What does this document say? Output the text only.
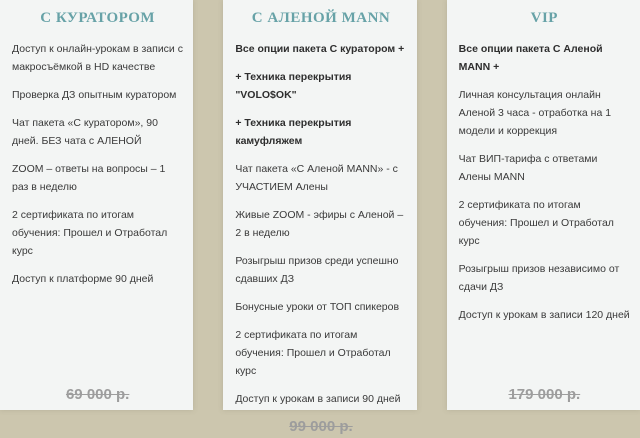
С КУРАТОРОМ

Доступ к онлайн-урокам в записи с макросъёмкой в HD качестве

Проверка ДЗ опытным куратором

Чат пакета «С куратором», 90 дней. БЕЗ чата с АЛЕНОЙ

ZOOM – ответы на вопросы – 1 раз в неделю

2 сертификата по итогам обучения: Прошел и Отработал курс

Доступ к платформе 90 дней

69 000 р.
С АЛЕНОЙ MANN

Все опции пакета С куратором +

+ Техника перекрытия "VOLO$OK"

+ Техника перекрытия камуфляжем

Чат пакета «С Аленой MANN» - с УЧАСТИЕМ Алены

Живые ZOOM - эфиры с Аленой – 2 в неделю

Розыгрыш призов среди успешно сдавших ДЗ

Бонусные уроки от ТОП спикеров

2 сертификата по итогам обучения: Прошел и Отработал курс

Доступ к урокам в записи 90 дней

99 000 р.
VIP

Все опции пакета С Аленой MANN +

Личная консультация онлайн Аленой 3 часа - отработка на 1 модели и коррекция

Чат ВИП-тарифа с ответами Алены MANN

2 сертификата по итогам обучения: Прошел и Отработал курс

Розыгрыш призов независимо от сдачи ДЗ

Доступ к урокам в записи 120 дней

179 000 р.
